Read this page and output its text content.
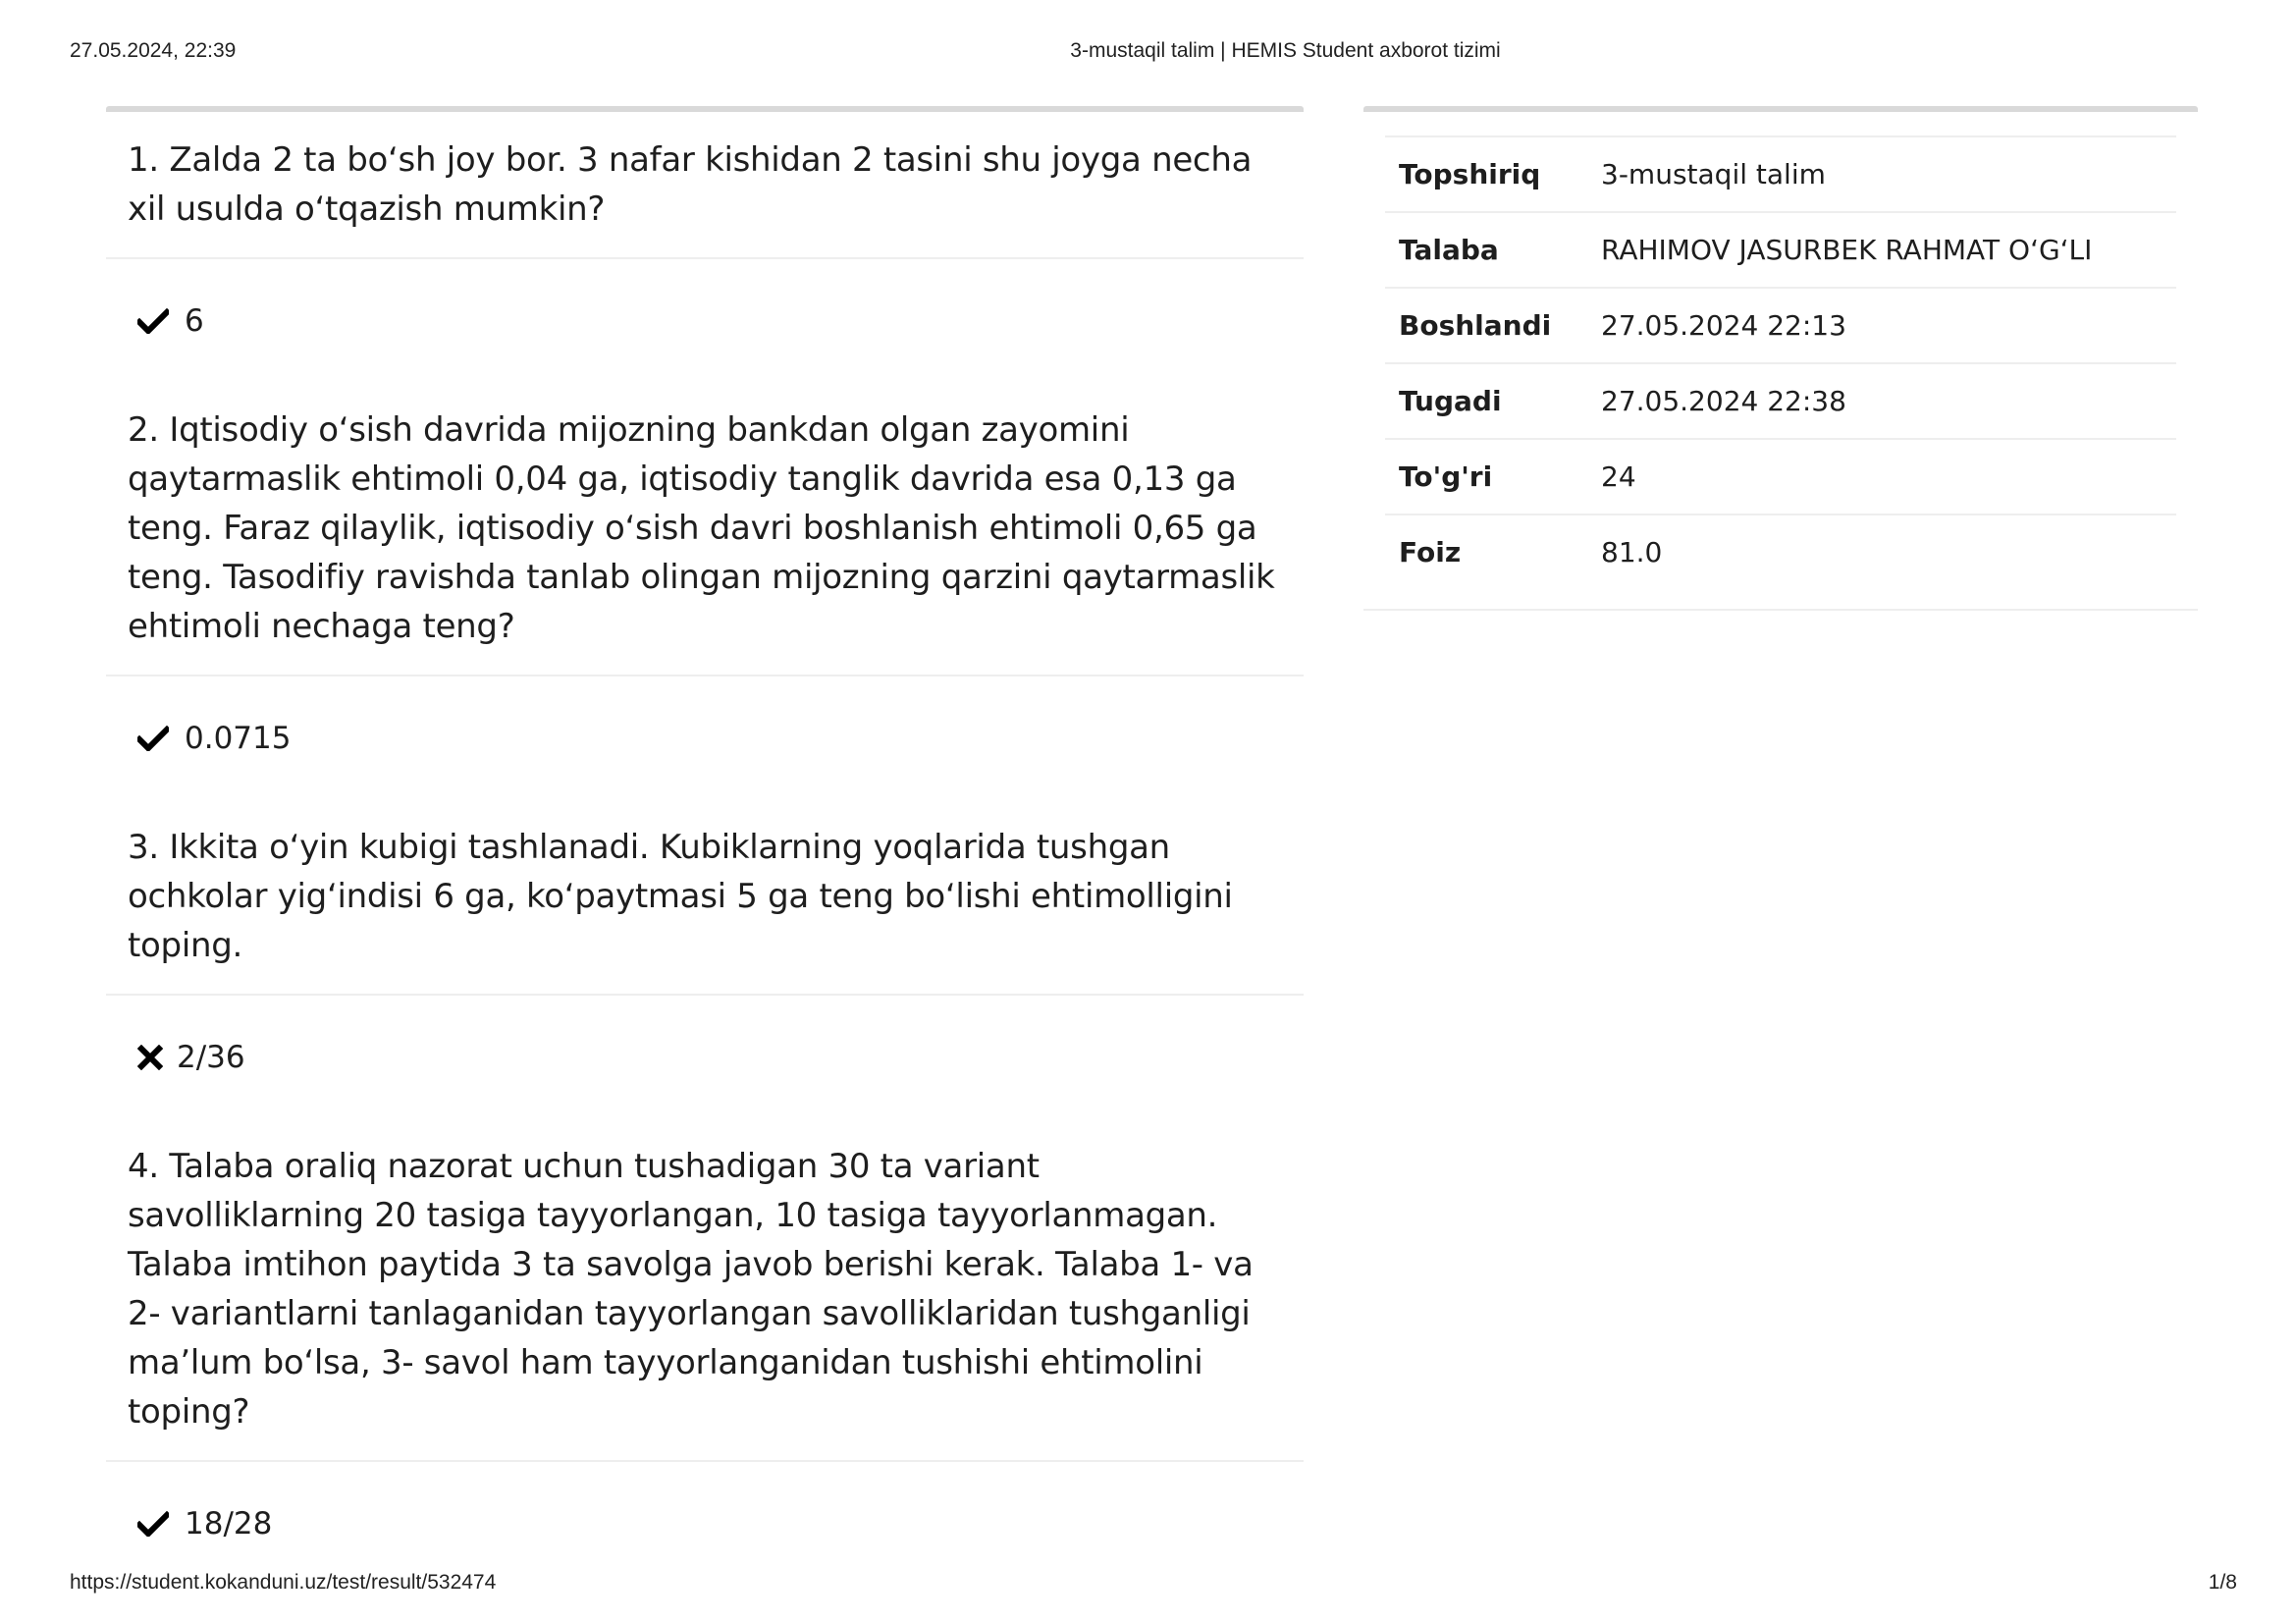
27.05.2024, 22:39	3-mustaqil talim | HEMIS Student axborot tizimi
1. Zalda 2 ta bo‘sh joy bor. 3 nafar kishidan 2 tasini shu joyga necha xil usulda o‘tqazish mumkin?
6
2. Iqtisodiy o‘sish davrida mijozning bankdan olgan zayomini qaytarmaslik ehtimoli 0,04 ga, iqtisodiy tanglik davrida esa 0,13 ga teng. Faraz qilaylik, iqtisodiy o‘sish davri boshlanish ehtimoli 0,65 ga teng. Tasodifiy ravishda tanlab olingan mijozning qarzini qaytarmaslik ehtimoli nechaga teng?
0.0715
3. Ikkita o‘yin kubigi tashlanadi. Kubiklarning yoqlarida tushgan ochkolar yig‘indisi 6 ga, ko‘paytmasi 5 ga teng bo‘lishi ehtimolligini toping.
2/36
4. Talaba oraliq nazorat uchun tushadigan 30 ta variant savolliklarning 20 tasiga tayyorlangan, 10 tasiga tayyorlanmagan. Talaba imtihon paytida 3 ta savolga javob berishi kerak. Talaba 1- va 2- variantlarni tanlaganidan tayyorlangan savolliklaridan tushganligi ma’lum bo‘lsa, 3- savol ham tayyorlanganidan tushishi ehtimolini toping?
18/28
Topshiriq	3-mustaqil talim
Talaba	RAHIMOV JASURBEK RAHMAT O‘G‘LI
Boshlandi	27.05.2024 22:13
Tugadi	27.05.2024 22:38
To'g'ri	24
Foiz	81.0
https://student.kokanduni.uz/test/result/532474	1/8
